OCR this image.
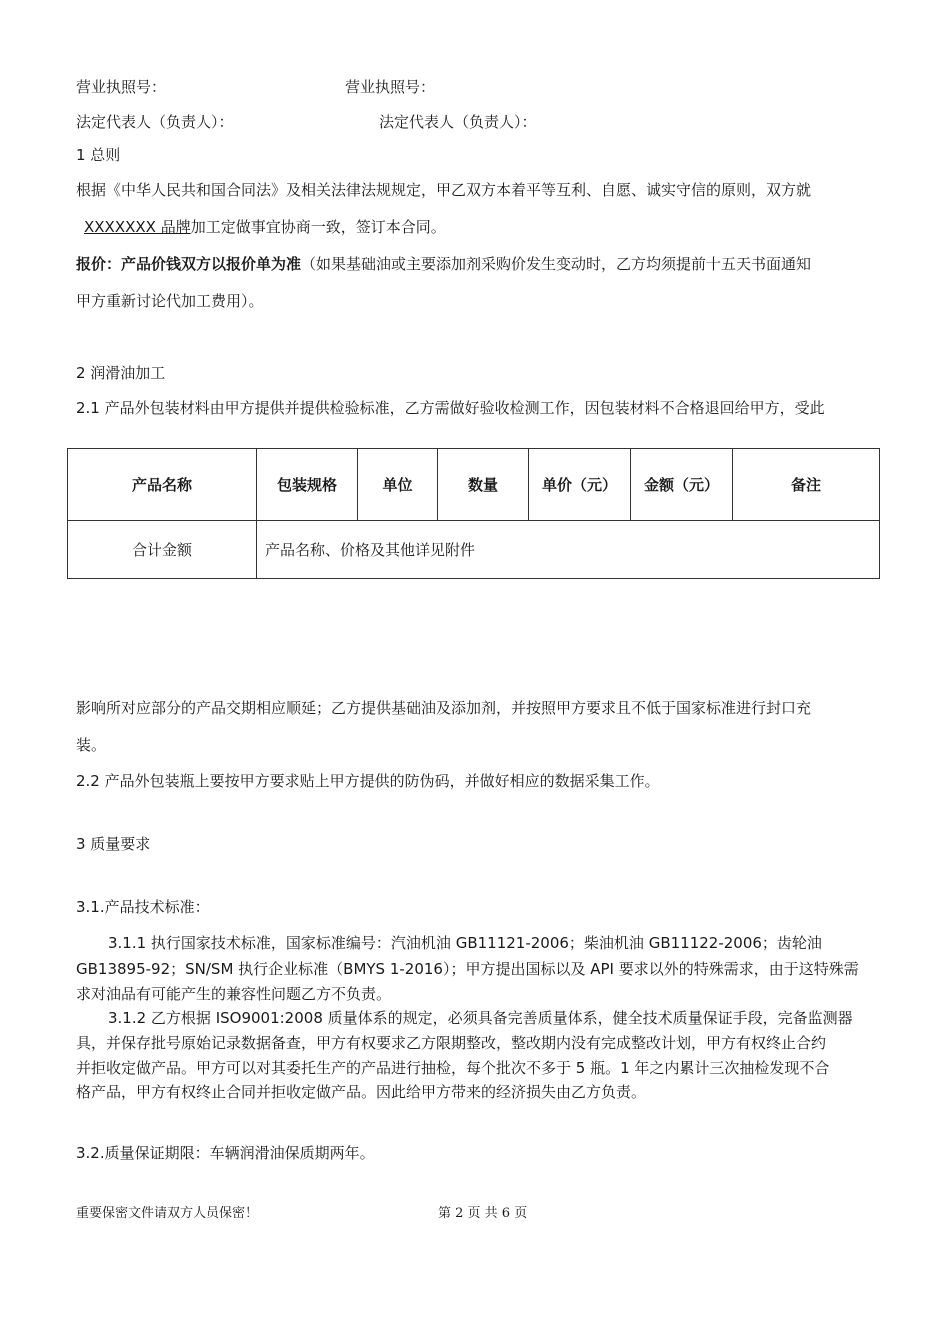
营业执照号：	营业执照号：
法定代表人（负责人）：	法定代表人（负责人）：
1 总则
根据《中华人民共和国合同法》及相关法律法规规定，甲乙双方本着平等互利、自愿、诚实守信的原则，双方就
XXXXXXX 品牌加工定做事宜协商一致，签订本合同。
报价：产品价钱双方以报价单为准（如果基础油或主要添加剂采购价发生变动时，乙方均须提前十五天书面通知
甲方重新讨论代加工费用）。
2 润滑油加工
2.1 产品外包装材料由甲方提供并提供检验标准，乙方需做好验收检测工作，因包装材料不合格退回给甲方，受此
产品名称	包装规格	单位	数量	单价（元）	金额（元）	备注
合计金额	产品名称、价格及其他详见附件					
影响所对应部分的产品交期相应顺延；乙方提供基础油及添加剂，并按照甲方要求且不低于国家标准进行封口充
装。
2.2 产品外包装瓶上要按甲方要求贴上甲方提供的防伪码，并做好相应的数据采集工作。
3 质量要求
3.1.产品技术标准：
3.1.1 执行国家技术标准，国家标准编号：汽油机油 GB11121-2006；柴油机油 GB11122-2006；齿轮油
GB13895-92；SN/SM 执行企业标准（BMYS 1-2016）；甲方提出国标以及 API 要求以外的特殊需求，由于这特殊需
求对油品有可能产生的兼容性问题乙方不负责。
3.1.2 乙方根据 ISO9001:2008 质量体系的规定，必须具备完善质量体系，健全技术质量保证手段，完备监测器
具，并保存批号原始记录数据备查，甲方有权要求乙方限期整改，整改期内没有完成整改计划，甲方有权终止合约
并拒收定做产品。甲方可以对其委托生产的产品进行抽检，每个批次不多于 5 瓶。1 年之内累计三次抽检发现不合
格产品，甲方有权终止合同并拒收定做产品。因此给甲方带来的经济损失由乙方负责。
3.2.质量保证期限：车辆润滑油保质期两年。
重要保密文件请双方人员保密！	第 2 页 共 6 页
